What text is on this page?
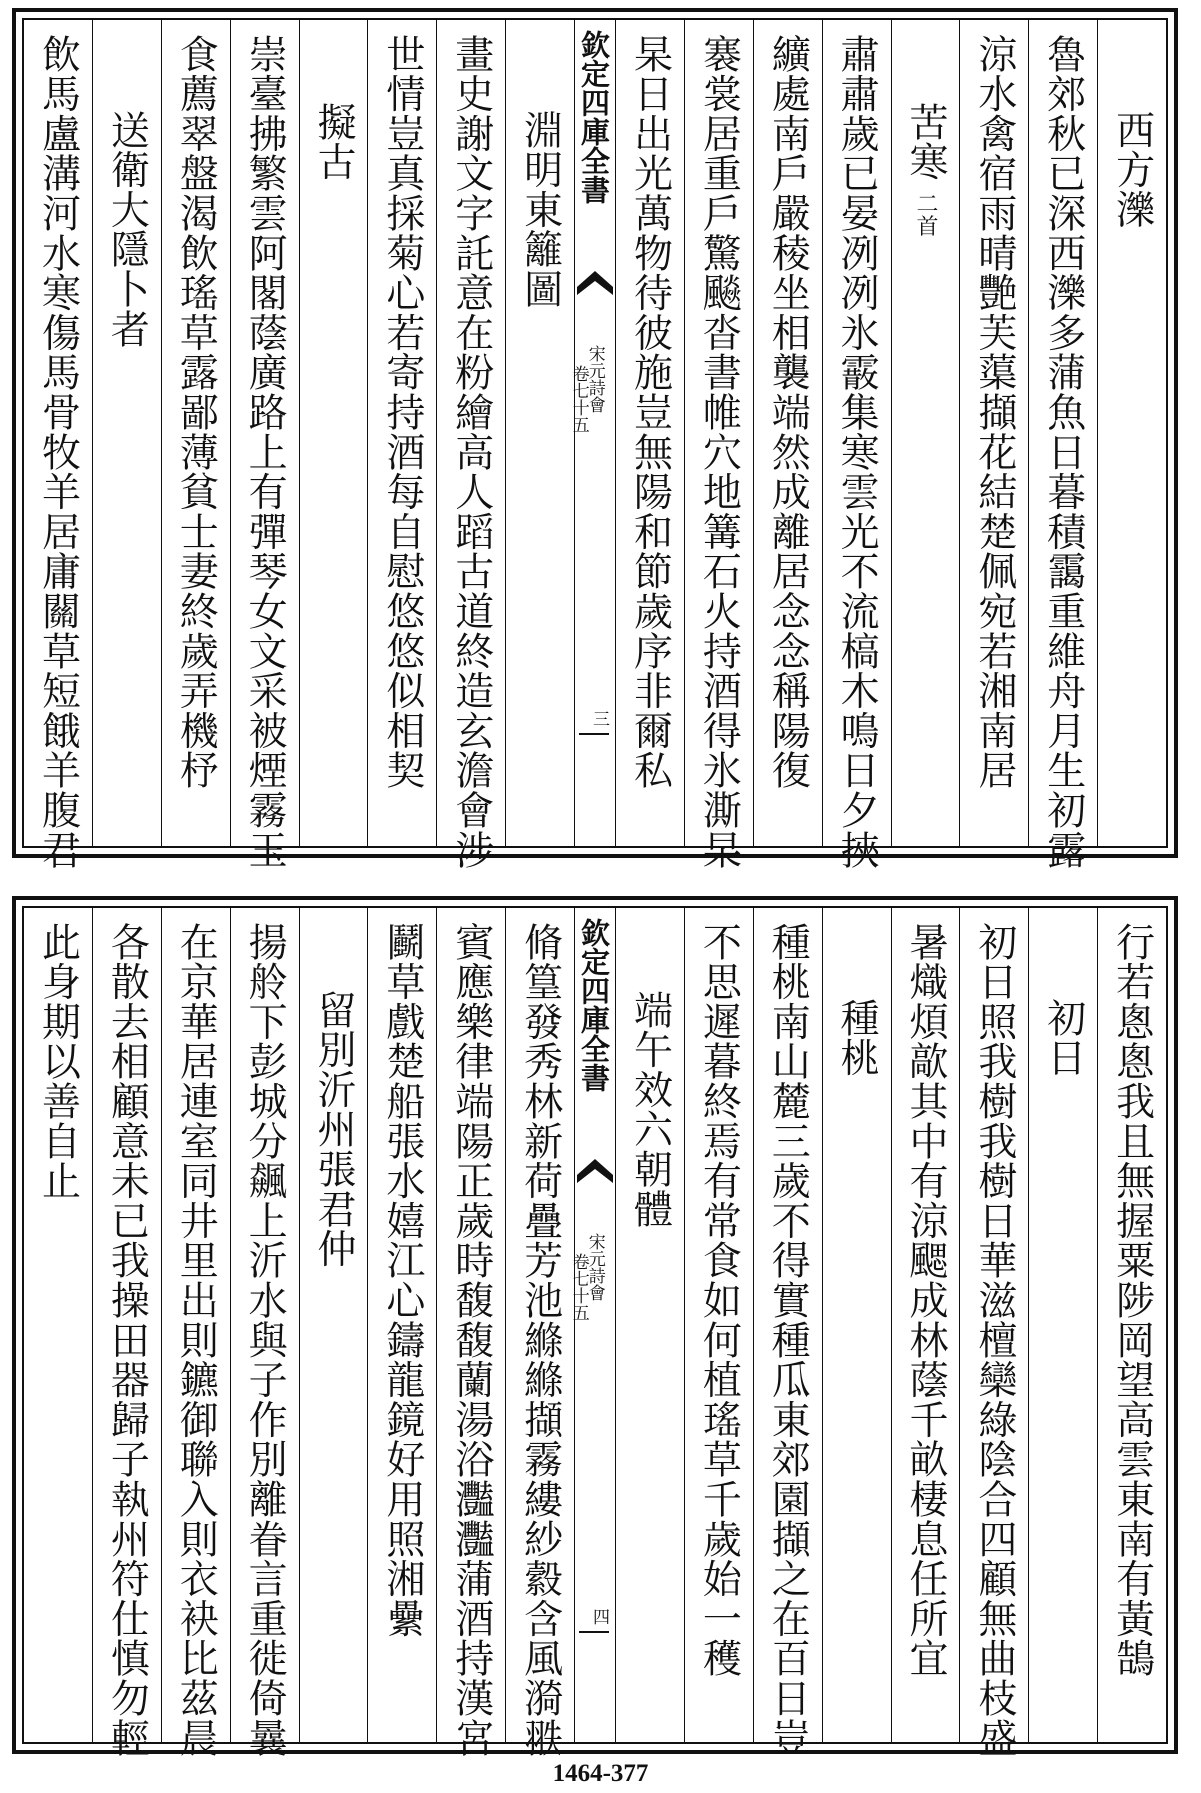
西方濼
魯郊秋已深西濼多蒲魚日暮積靄重維舟月生初露
涼水禽宿雨晴艷芙蕖擷花結楚佩宛若湘南居
苦寒二首
肅肅歲已晏冽冽氷霰集寒雲光不流槁木鳴日夕挾
纊處南戶嚴稜坐相襲端然成離居念念稱陽復
褰裳居重戶驚飈沓書帷穴地篝石火持酒得氷澌杲
杲日出光萬物待彼施豈無陽和節歲序非爾私
欽定四庫全書
宋元詩會
卷七十五
三
淵明東籬圖
畫史謝文字託意在粉繪高人蹈古道終造玄澹會涉
世情豈真採菊心若寄持酒每自慰悠悠似相契
擬古
崇臺拂繁雲阿閣蔭廣路上有彈琴女文采被煙霧玉
食薦翠盤渴飲瑤草露鄙薄貧士妻終歲弄機杼
送衛大隱卜者
飲馬盧溝河水寒傷馬骨牧羊居庸關草短餓羊腹君
行若悤悤我且無握粟陟岡望高雲東南有黃鵠
初日
初日照我樹我樹日華滋檀欒綠陰合四顧無曲枝盛
暑熾煩歊其中有涼颸成林蔭千畝棲息任所宜
種桃
種桃南山麓三歲不得實種瓜東郊園擷之在百日豈
不思遲暮終焉有常食如何植瑤草千歲始一穫
端午效六朝體
欽定四庫全書
宋元詩會
卷七十五
四
脩篁發秀林新荷疊芳池縧縧擷霧縷紗縠含風漪翐
賓應樂律端陽正歲時馥馥蘭湯浴灩灩蒲酒持漢宮
鬬草戲楚船張水嬉江心鑄龍鏡好用照湘纍
留別沂州張君仲
揚舲下彭城分飆上沂水與子作別離眷言重徙倚曩
在京華居連室同井里出則鑣御聯入則衣袂比茲晨
各散去相顧意未已我操田器歸子執州符仕慎勿輕
此身期以善自止
1464-377
